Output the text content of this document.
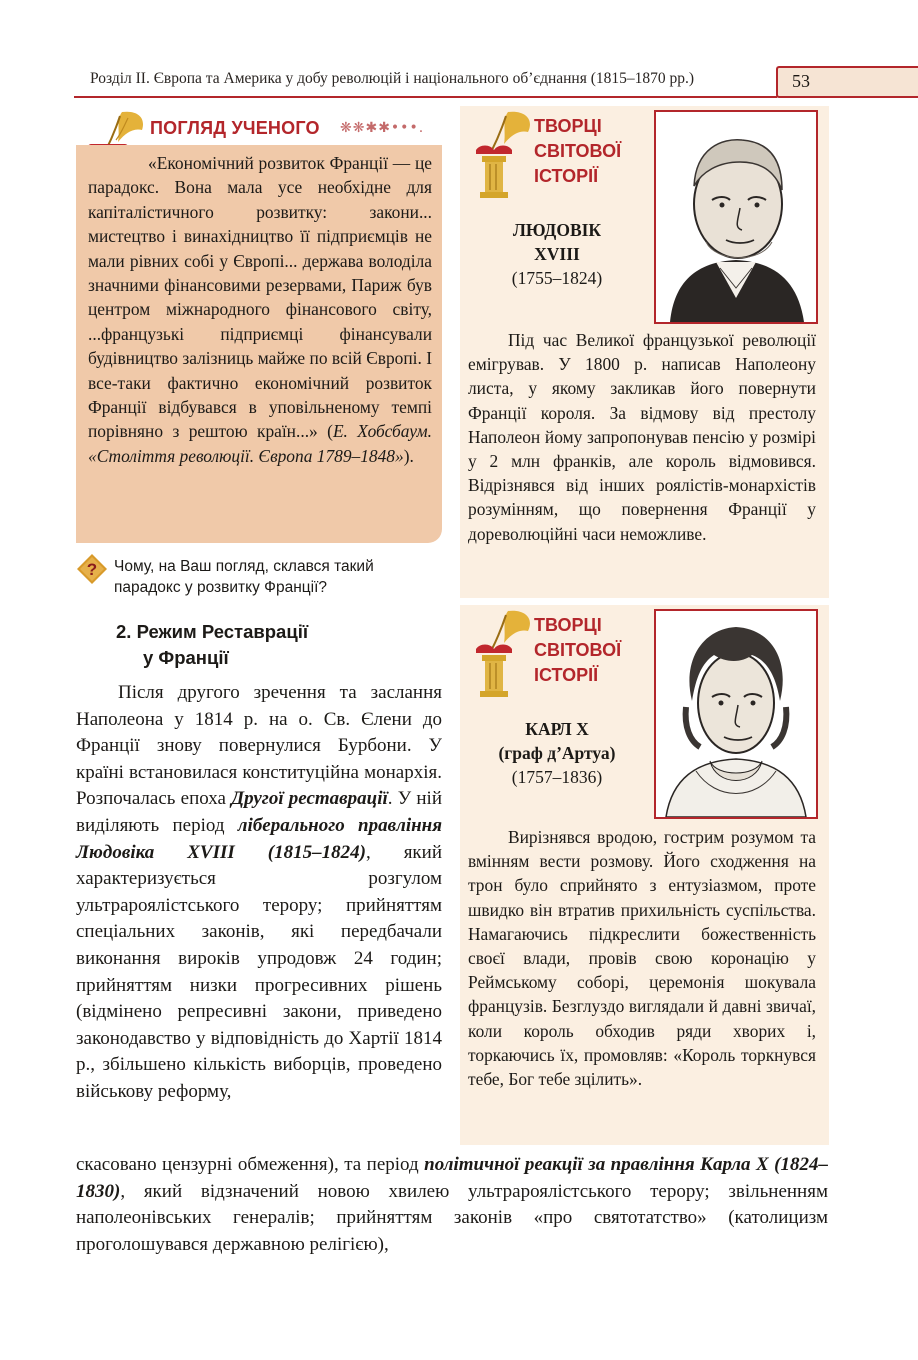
Розділ ІІ. Європа та Америка у добу революцій і національного об’єднання (1815–1870 рр.)	53
ПОГЛЯД УЧЕНОГО ❋❋✱✱•••.
«Економічний розвиток Франції — це парадокс. Вона мала усе необхідне для капіталістичного розвитку: закони... мистецтво і винахідництво її підприємців не мали рівних собі у Європі... держава володіла значними фінансовими резервами, Париж був центром міжнародного фінансового світу, ...французькі підприємці фінансували будівництво залізниць майже по всій Європі. І все-таки фактично економічний розвиток Франції відбувався в уповільненому темпі порівняно з рештою країн...» (Е. Хобсбаум. «Століття революції. Європа 1789–1848»).
? Чому, на Ваш погляд, склався такий парадокс у розвитку Франції?
2. Режим Реставрації
у Франції

Після другого зречення та заслання Наполеона у 1814 р. на о. Св. Єлени до Франції знову повернулися Бурбони. У країні встановилася конституційна монархія. Розпочалась епоха Другої реставрації. У ній виділяють період ліберального правління Людовіка XVIII (1815–1824), який характеризується розгулом ультрароялістського терору; прийняттям спеціальних законів, які передбачали виконання вироків упродовж 24 годин; прийняттям низки прогресивних рішень (відмінено репресивні закони, приведено законодавство у відповідність до Хартії 1814 р., збільшено кількість виборців, проведено військову реформу,

скасовано цензурні обмеження), та період політичної реакції за правління Карла X (1824–1830), який відзначений новою хвилею ультрароялістського терору; звільненням наполеонівських генералів; прийняттям законів «про святотатство» (католицизм проголошувався державною релігією),

ТВОРЦІ
СВІТОВОЇ
ІСТОРІЇ
ЛЮДОВІК
XVIII
(1755–1824)
Під час Великої французької революції емігрував. У 1800 р. написав Наполеону листа, у якому закликав його повернути Франції короля. За відмову від престолу Наполеон йому запропонував пенсію у розмірі у 2 млн франків, але король відмовився. Відрізнявся від інших роялістів-монархістів розумінням, що повернення Франції у дореволюційні часи неможливе.
ТВОРЦІ
СВІТОВОЇ
ІСТОРІЇ
КАРЛ X
(граф д’Артуа)
(1757–1836)
Вирізнявся вродою, гострим розумом та вмінням вести розмову. Його сходження на трон було сприйнято з ентузіазмом, проте швидко він втратив прихильність суспільства. Намагаючись підкреслити божественність своєї влади, провів свою коронацію у Реймському соборі, церемонія шокувала французів. Безглуздо виглядали й давні звичаї, коли король обходив ряди хворих і, торкаючись їх, промовляв: «Король торкнувся тебе, Бог тебе зцілить».
